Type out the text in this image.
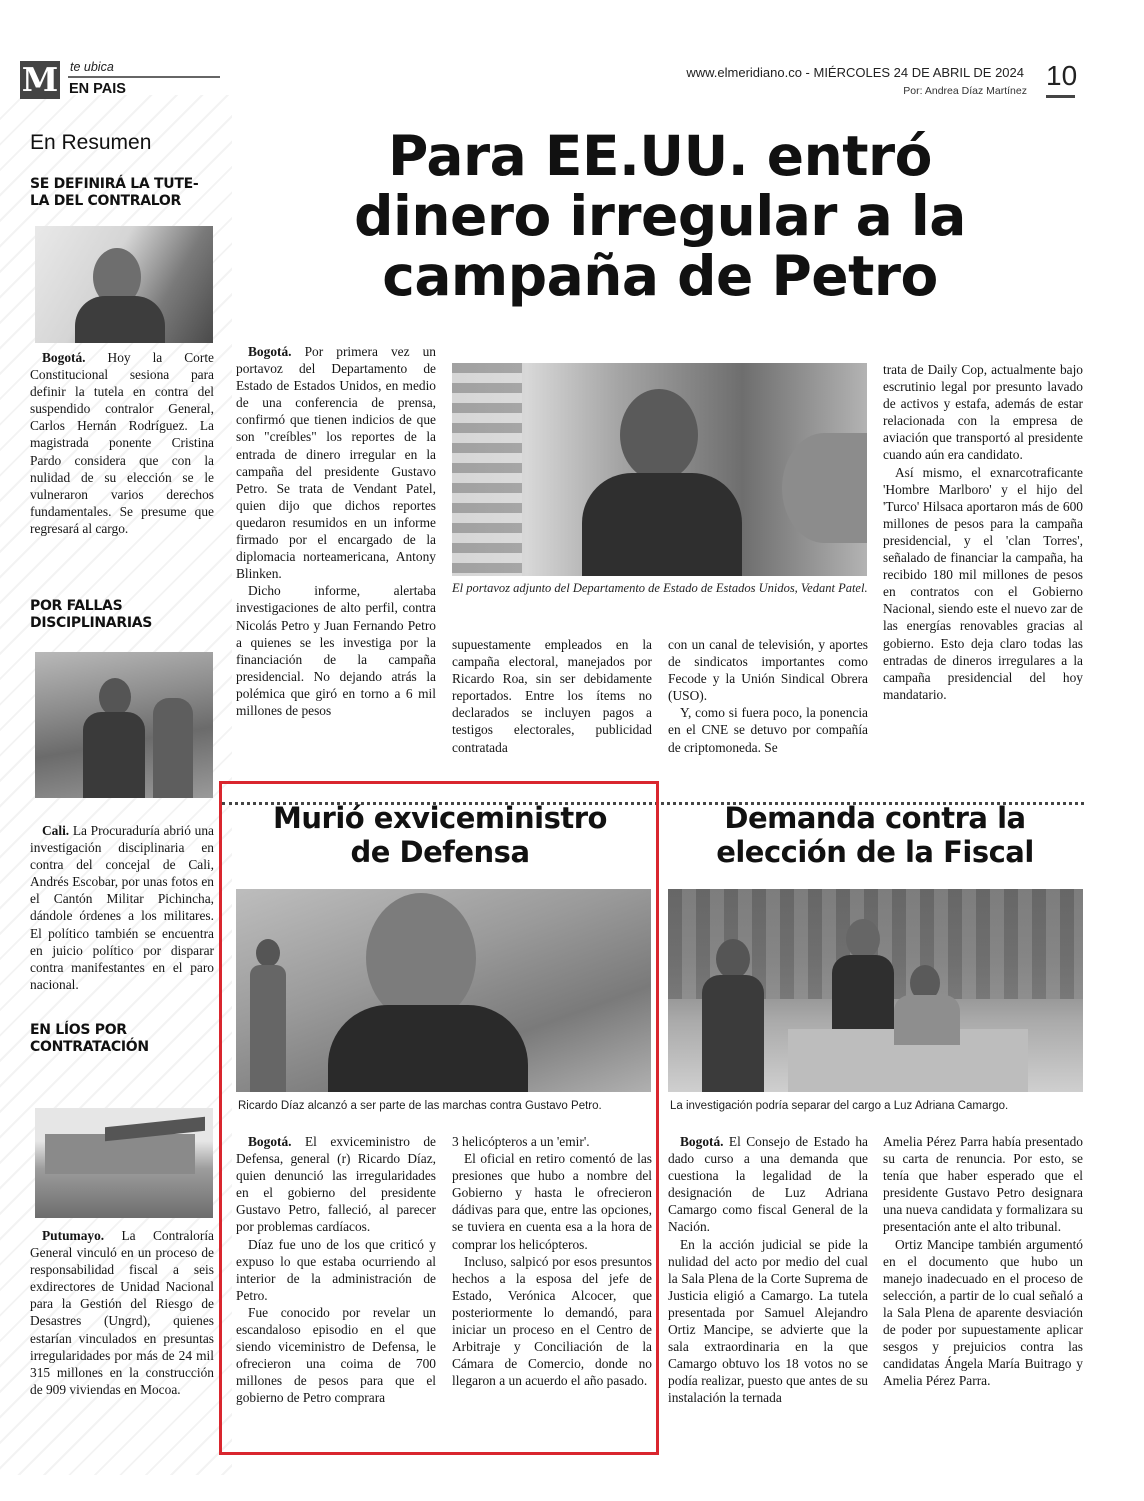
M te ubica
EN PAIS
www.elmeridiano.co - MIÉRCOLES 24 DE ABRIL DE 2024
Por: Andrea Díaz Martínez 10
En Resumen
SE DEFINIRÁ LA TUTE-
LA DEL CONTRALOR

Bogotá. Hoy la Corte Constitucional sesiona para definir la tutela en contra del suspendido contralor General, Carlos Hernán Rodríguez. La magistrada ponente Cristina Pardo considera que con la nulidad de su elección se le vulneraron varios derechos fundamentales. Se presume que regresará al cargo.

POR FALLAS
DISCIPLINARIAS

Cali. La Procuraduría abrió una investigación disciplinaria en contra del concejal de Cali, Andrés Escobar, por unas fotos en el Cantón Militar Pichincha, dándole órdenes a los militares. El político también se encuentra en juicio político por disparar contra manifestantes en el paro nacional.

EN LÍOS POR
CONTRATACIÓN

Putumayo. La Contraloría General vinculó en un proceso de responsabilidad fiscal a seis exdirectores de Unidad Nacional para la Gestión del Riesgo de Desastres (Ungrd), quienes estarían vinculados en presuntas irregularidades por más de 24 mil 315 millones en la construcción de 909 viviendas en Mocoa.

Para EE.UU. entró
dinero irregular a la
campaña de Petro

Bogotá. Por primera vez un portavoz del Departamento de Estado de Estados Unidos, en medio de una conferencia de prensa, confirmó que tienen indicios de que son "creíbles" los reportes de la entrada de dinero irregular en la campaña del presidente Gustavo Petro. Se trata de Vendant Patel, quien dijo que dichos reportes quedaron resumidos en un informe firmado por el encargado de la diplomacia norteamericana, Antony Blinken.

Dicho informe, alertaba investigaciones de alto perfil, contra Nicolás Petro y Juan Fernando Petro a quienes se les investiga por la financiación de la campaña presidencial. No dejando atrás la polémica que giró en torno a 6 mil millones de pesos

El portavoz adjunto del Departamento de Estado de Estados Unidos, Vedant Patel.

supuestamente empleados en la campaña electoral, manejados por Ricardo Roa, sin ser debidamente reportados. Entre los ítems no declarados se incluyen pagos a testigos electorales, publicidad contratada

con un canal de televisión, y aportes de sindicatos importantes como Fecode y la Unión Sindical Obrera (USO).

Y, como si fuera poco, la ponencia en el CNE se detuvo por compañía de criptomoneda. Se

trata de Daily Cop, actualmente bajo escrutinio legal por presunto lavado de activos y estafa, además de estar relacionada con la empresa de aviación que transportó al presidente cuando aún era candidato.

Así mismo, el exnarcotraficante 'Hombre Marlboro' y el hijo del 'Turco' Hilsaca aportaron más de 600 millones de pesos para la campaña presidencial, y el 'clan Torres', señalado de financiar la campaña, ha recibido 180 mil millones de pesos en contratos con el Gobierno Nacional, siendo este el nuevo zar de las energías renovables gracias al gobierno. Esto deja claro todas las entradas de dineros irregulares a la campaña presidencial del hoy mandatario.

Murió exviceministro
de Defensa
Ricardo Díaz alcanzó a ser parte de las marchas contra Gustavo Petro.

Bogotá. El exviceministro de Defensa, general (r) Ricardo Díaz, quien denunció las irregularidades en el gobierno del presidente Gustavo Petro, falleció, al parecer por problemas cardíacos.

Díaz fue uno de los que criticó y expuso lo que estaba ocurriendo al interior de la administración de Petro.

Fue conocido por revelar un escandaloso episodio en el que siendo viceministro de Defensa, le ofrecieron una coima de 700 millones de pesos para que el gobierno de Petro comprara

3 helicópteros a un 'emir'.

El oficial en retiro comentó de las presiones que hubo a nombre del Gobierno y hasta le ofrecieron dádivas para que, entre las opciones, se tuviera en cuenta esa a la hora de comprar los helicópteros.

Incluso, salpicó por esos presuntos hechos a la esposa del jefe de Estado, Verónica Alcocer, que posteriormente lo demandó, para iniciar un proceso en el Centro de Arbitraje y Conciliación de la Cámara de Comercio, donde no llegaron a un acuerdo el año pasado.

Demanda contra la
elección de la Fiscal
La investigación podría separar del cargo a Luz Adriana Camargo.

Bogotá. El Consejo de Estado ha dado curso a una demanda que cuestiona la legalidad de la designación de Luz Adriana Camargo como fiscal General de la Nación.

En la acción judicial se pide la nulidad del acto por medio del cual la Sala Plena de la Corte Suprema de Justicia eligió a Camargo. La tutela presentada por Samuel Alejandro Ortiz Mancipe, se advierte que la sala extraordinaria en la que Camargo obtuvo los 18 votos no se podía realizar, puesto que antes de su instalación la ternada

Amelia Pérez Parra había presentado su carta de renuncia. Por esto, se tenía que haber esperado que el presidente Gustavo Petro designara una nueva candidata y formalizara su presentación ante el alto tribunal.

Ortiz Mancipe también argumentó en el documento que hubo un manejo inadecuado en el proceso de selección, a partir de lo cual señaló a la Sala Plena de aparente desviación de poder por supuestamente aplicar sesgos y prejuicios contra las candidatas Ángela María Buitrago y Amelia Pérez Parra.
